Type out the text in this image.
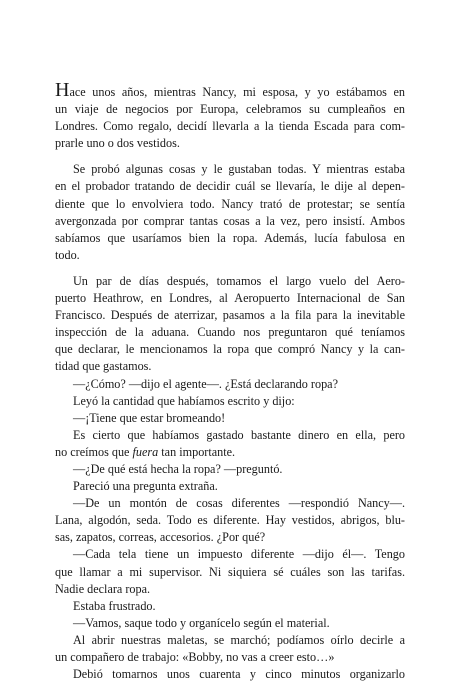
Hace unos años, mientras Nancy, mi esposa, y yo estábamos en
un viaje de negocios por Europa, celebramos su cumpleaños en
Londres. Como regalo, decidí llevarla a la tienda Escada para com-
prarle uno o dos vestidos.
Se probó algunas cosas y le gustaban todas. Y mientras estaba
en el probador tratando de decidir cuál se llevaría, le dije al depen-
diente que lo envolviera todo. Nancy trató de protestar; se sentía
avergonzada por comprar tantas cosas a la vez, pero insistí. Ambos
sabíamos que usaríamos bien la ropa. Además, lucía fabulosa en
todo.
Un par de días después, tomamos el largo vuelo del Aero-
puerto Heathrow, en Londres, al Aeropuerto Internacional de San
Francisco. Después de aterrizar, pasamos a la fila para la inevitable
inspección de la aduana. Cuando nos preguntaron qué teníamos
que declarar, le mencionamos la ropa que compró Nancy y la can-
tidad que gastamos.
—¿Cómo? —dijo el agente—. ¿Está declarando ropa?
Leyó la cantidad que habíamos escrito y dijo:
—¡Tiene que estar bromeando!
Es cierto que habíamos gastado bastante dinero en ella, pero
no creímos que fuera tan importante.
—¿De qué está hecha la ropa? —preguntó.
Pareció una pregunta extraña.
—De un montón de cosas diferentes —respondió Nancy—.
Lana, algodón, seda. Todo es diferente. Hay vestidos, abrigos, blu-
sas, zapatos, correas, accesorios. ¿Por qué?
—Cada tela tiene un impuesto diferente —dijo él—. Tengo
que llamar a mi supervisor. Ni siquiera sé cuáles son las tarifas.
Nadie declara ropa.
Estaba frustrado.
—Vamos, saque todo y organícelo según el material.
Al abrir nuestras maletas, se marchó; podíamos oírlo decirle a
un compañero de trabajo: «Bobby, no vas a creer esto…»
Debió tomarnos unos cuarenta y cinco minutos organizarlo
